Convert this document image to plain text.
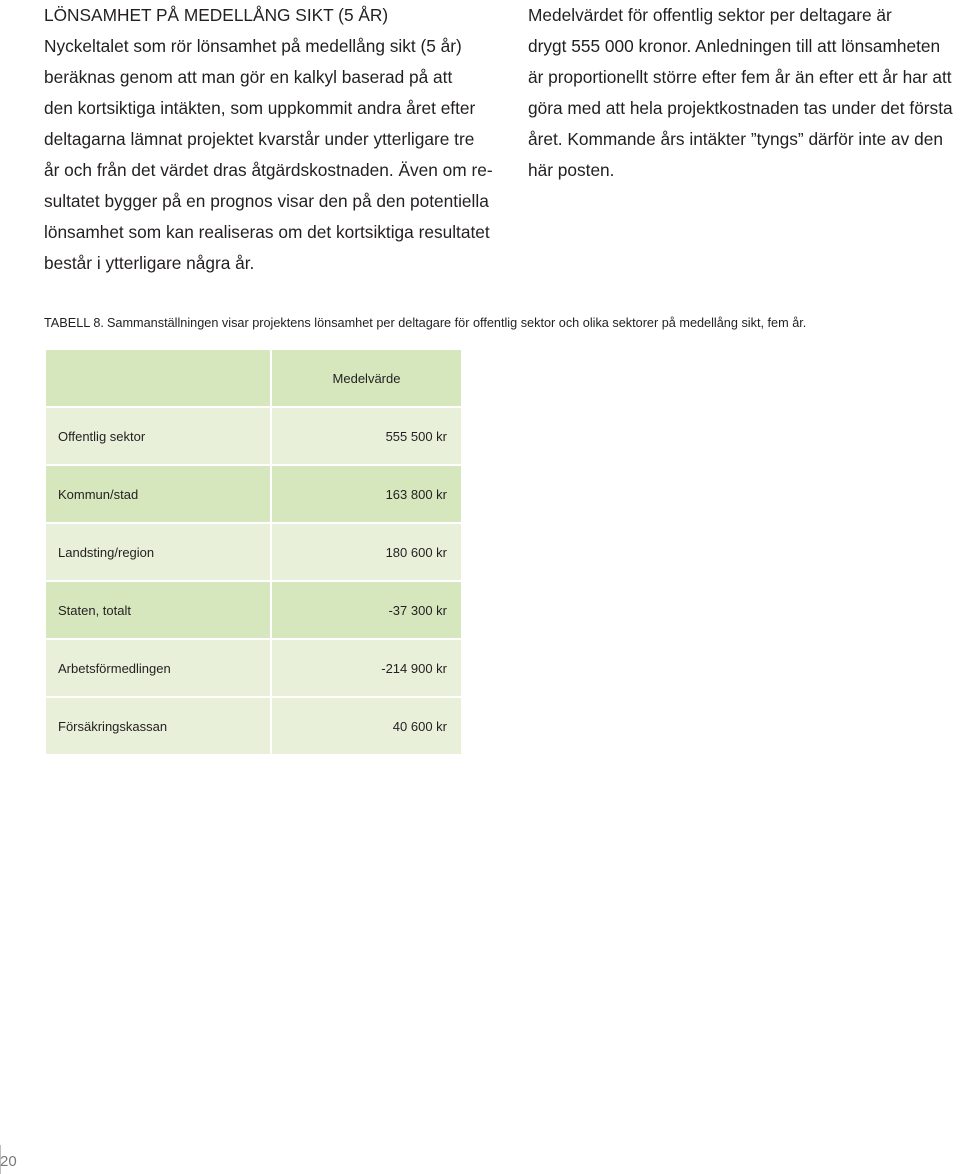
LÖNSAMHET PÅ MEDELLÅNG SIKT (5 ÅR)

Nyckeltalet som rör lönsamhet på medellång sikt (5 år)
beräknas genom att man gör en kalkyl baserad på att
den kortsiktiga intäkten, som uppkommit andra året efter
deltagarna lämnat projektet kvarstår under ytterligare tre
år och från det värdet dras åtgärdskostnaden. Även om re-
sultatet bygger på en prognos visar den på den potentiella
lönsamhet som kan realiseras om det kortsiktiga resultatet
består i ytterligare några år.

Medelvärdet för offentlig sektor per deltagare är
drygt 555 000 kronor. Anledningen till att lönsamheten
är proportionellt större efter fem år än efter ett år har att
göra med att hela projektkostnaden tas under det första
året. Kommande års intäkter ”tyngs” därför inte av den
här posten.

TABELL 8. Sammanställningen visar projektens lönsamhet per deltagare för offentlig sektor och olika sektorer på medellång sikt, fem år.

	Medelvärde
Offentlig sektor	555 500 kr
Kommun/stad	163 800 kr
Landsting/region	180 600 kr
Staten, totalt	-37 300 kr
Arbetsförmedlingen	-214 900 kr
Försäkringskassan	40 600 kr
20
